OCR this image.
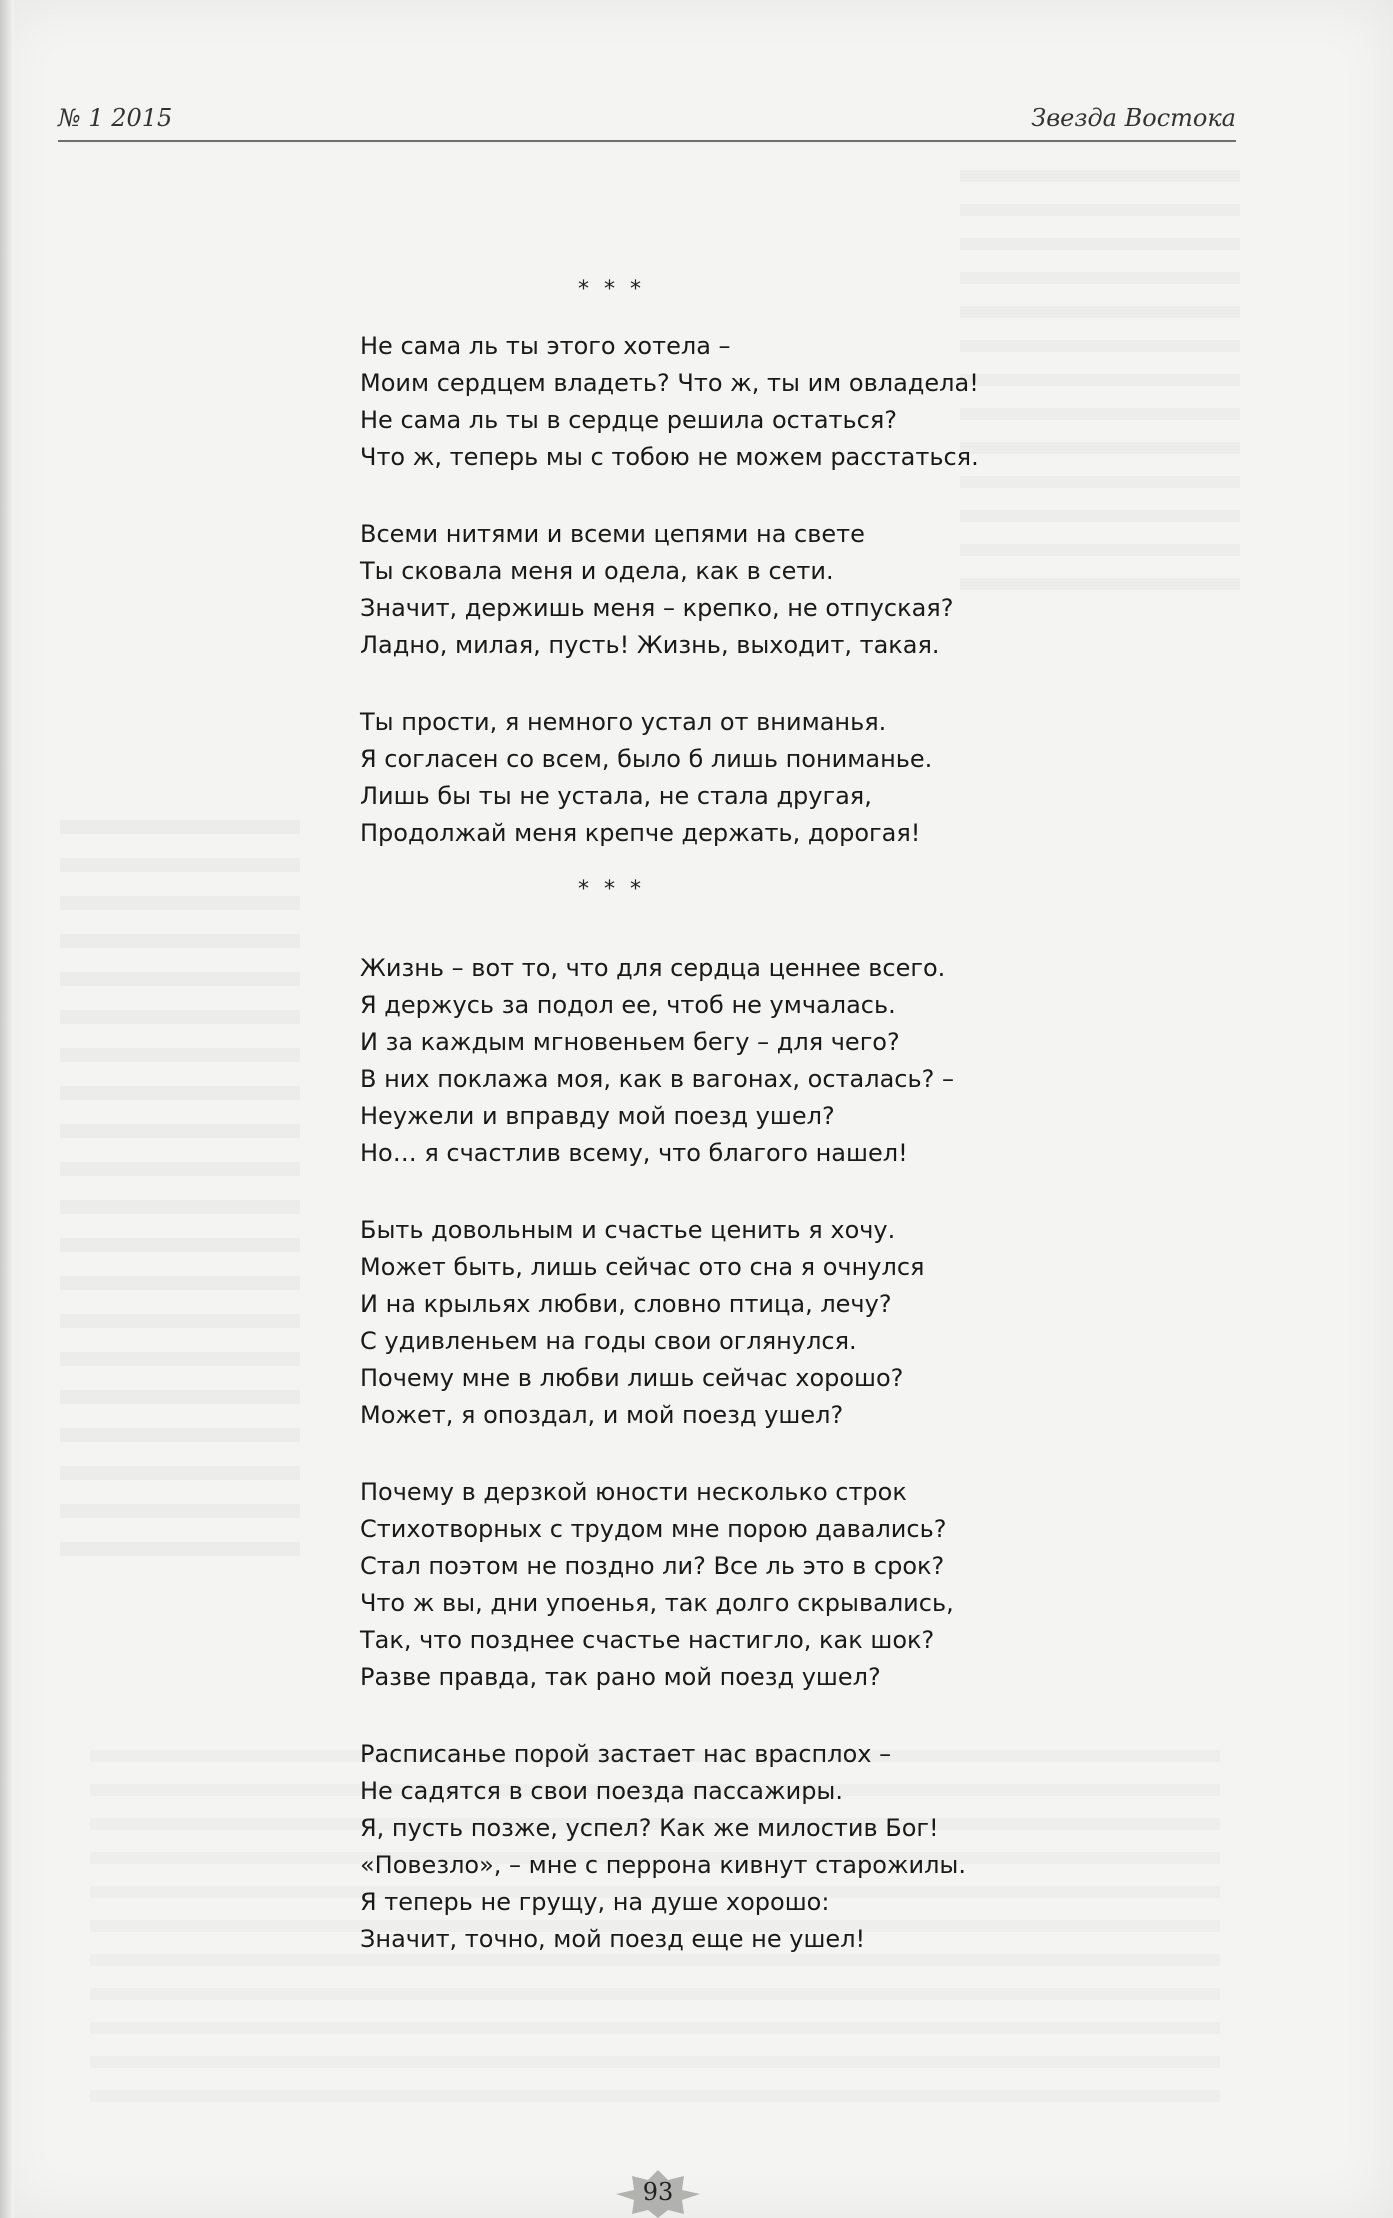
№ 1 2015	Звезда Востока
* * *
Не сама ль ты этого хотела –
Моим сердцем владеть? Что ж, ты им овладела!
Не сама ль ты в сердце решила остаться?
Что ж, теперь мы с тобою не можем расстаться.
Всеми нитями и всеми цепями на свете
Ты сковала меня и одела, как в сети.
Значит, держишь меня – крепко, не отпуская?
Ладно, милая, пусть! Жизнь, выходит, такая.
Ты прости, я немного устал от вниманья.
Я согласен со всем, было б лишь пониманье.
Лишь бы ты не устала, не стала другая,
Продолжай меня крепче держать, дорогая!
* * *
Жизнь – вот то, что для сердца ценнее всего.
Я держусь за подол ее, чтоб не умчалась.
И за каждым мгновеньем бегу – для чего?
В них поклажа моя, как в вагонах, осталась? –
Неужели и вправду мой поезд ушел?
Но… я счастлив всему, что благого нашел!
Быть довольным и счастье ценить я хочу.
Может быть, лишь сейчас ото сна я очнулся
И на крыльях любви, словно птица, лечу?
С удивленьем на годы свои оглянулся.
Почему мне в любви лишь сейчас хорошо?
Может, я опоздал, и мой поезд ушел?
Почему в дерзкой юности несколько строк
Стихотворных с трудом мне порою давались?
Стал поэтом не поздно ли? Все ль это в срок?
Что ж вы, дни упоенья, так долго скрывались,
Так, что позднее счастье настигло, как шок?
Разве правда, так рано мой поезд ушел?
Расписанье порой застает нас врасплох –
Не садятся в свои поезда пассажиры.
Я, пусть позже, успел? Как же милостив Бог!
«Повезло», – мне с перрона кивнут старожилы.
Я теперь не грущу, на душе хорошо:
Значит, точно, мой поезд еще не ушел!
93
